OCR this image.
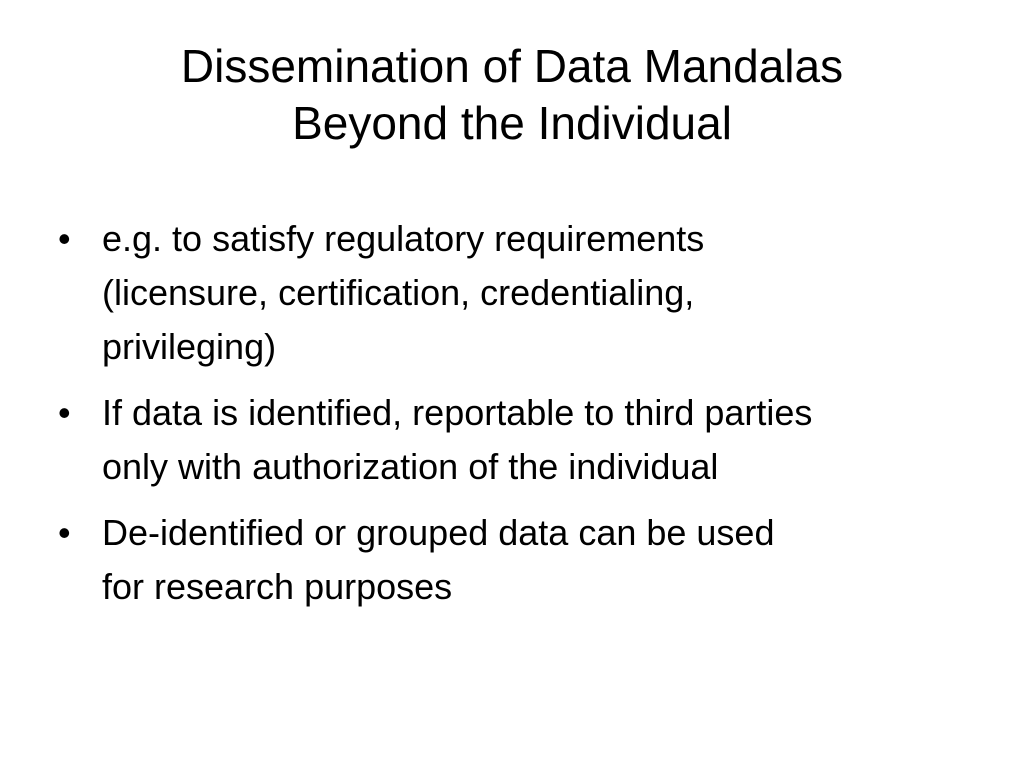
Dissemination of Data Mandalas
Beyond the Individual
• e.g. to satisfy regulatory requirements
(licensure, certification, credentialing,
privileging)
• If data is identified, reportable to third parties
only with authorization of the individual
• De-identified or grouped data can be used
for research purposes
